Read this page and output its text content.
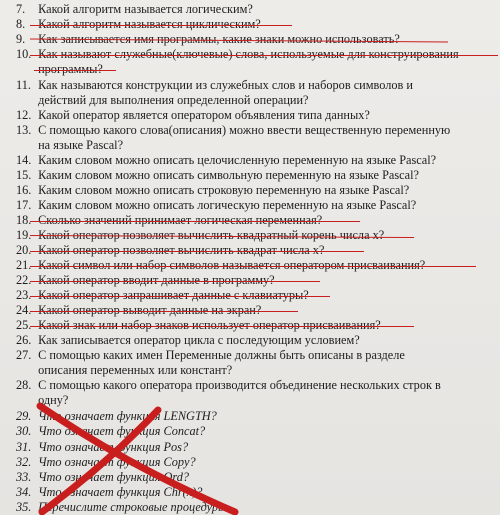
7. Какой алгоритм называется логическим?
8. Какой алгоритм называется циклическим?
9. Как записывается имя программы, какие знаки можно использовать?
10. Как называют служебные(ключевые) слова, используемые для конструирования
программы?
11. Как называются конструкции из служебных слов и наборов символов и
действий для выполнения определенной операции?
12. Какой оператор является оператором объявления типа данных?
13. С помощью какого слова(описания) можно ввести вещественную переменную
на языке Pascal?
14. Каким словом можно описать целочисленную переменную на языке Pascal?
15. Каким словом можно описать символьную переменную на языке Pascal?
16. Каким словом можно описать строковую переменную на языке Pascal?
17. Каким словом можно описать логическую переменную на языке Pascal?
18. Сколько значений принимает логическая переменная?
19. Какой оператор позволяет вычислить квадратный корень числа х?
20. Какой оператор позволяет вычислить квадрат числа х?
21. Какой символ или набор символов называется оператором присваивания?
22. Какой оператор вводит данные в программу?
23. Какой оператор запрашивает данные с клавиатуры?
24. Какой оператор выводит данные на экран?
25. Какой знак или набор знаков использует оператор присваивания?
26. Как записывается оператор цикла с последующим условием?
27. С помощью каких имен Переменные должны быть описаны в разделе
описания переменных или констант?
28. С помощью какого оператора производится объединение нескольких строк в
одну?
29. Что означает функция LENGTH?
30. Что означает функция Concat?
31. Что означает функция Pos?
32. Что означает функция Copy?
33. Что означает функция Ord?
34. Что означает функция Chr(x)?
35. Перечислите строковые процедуры.
